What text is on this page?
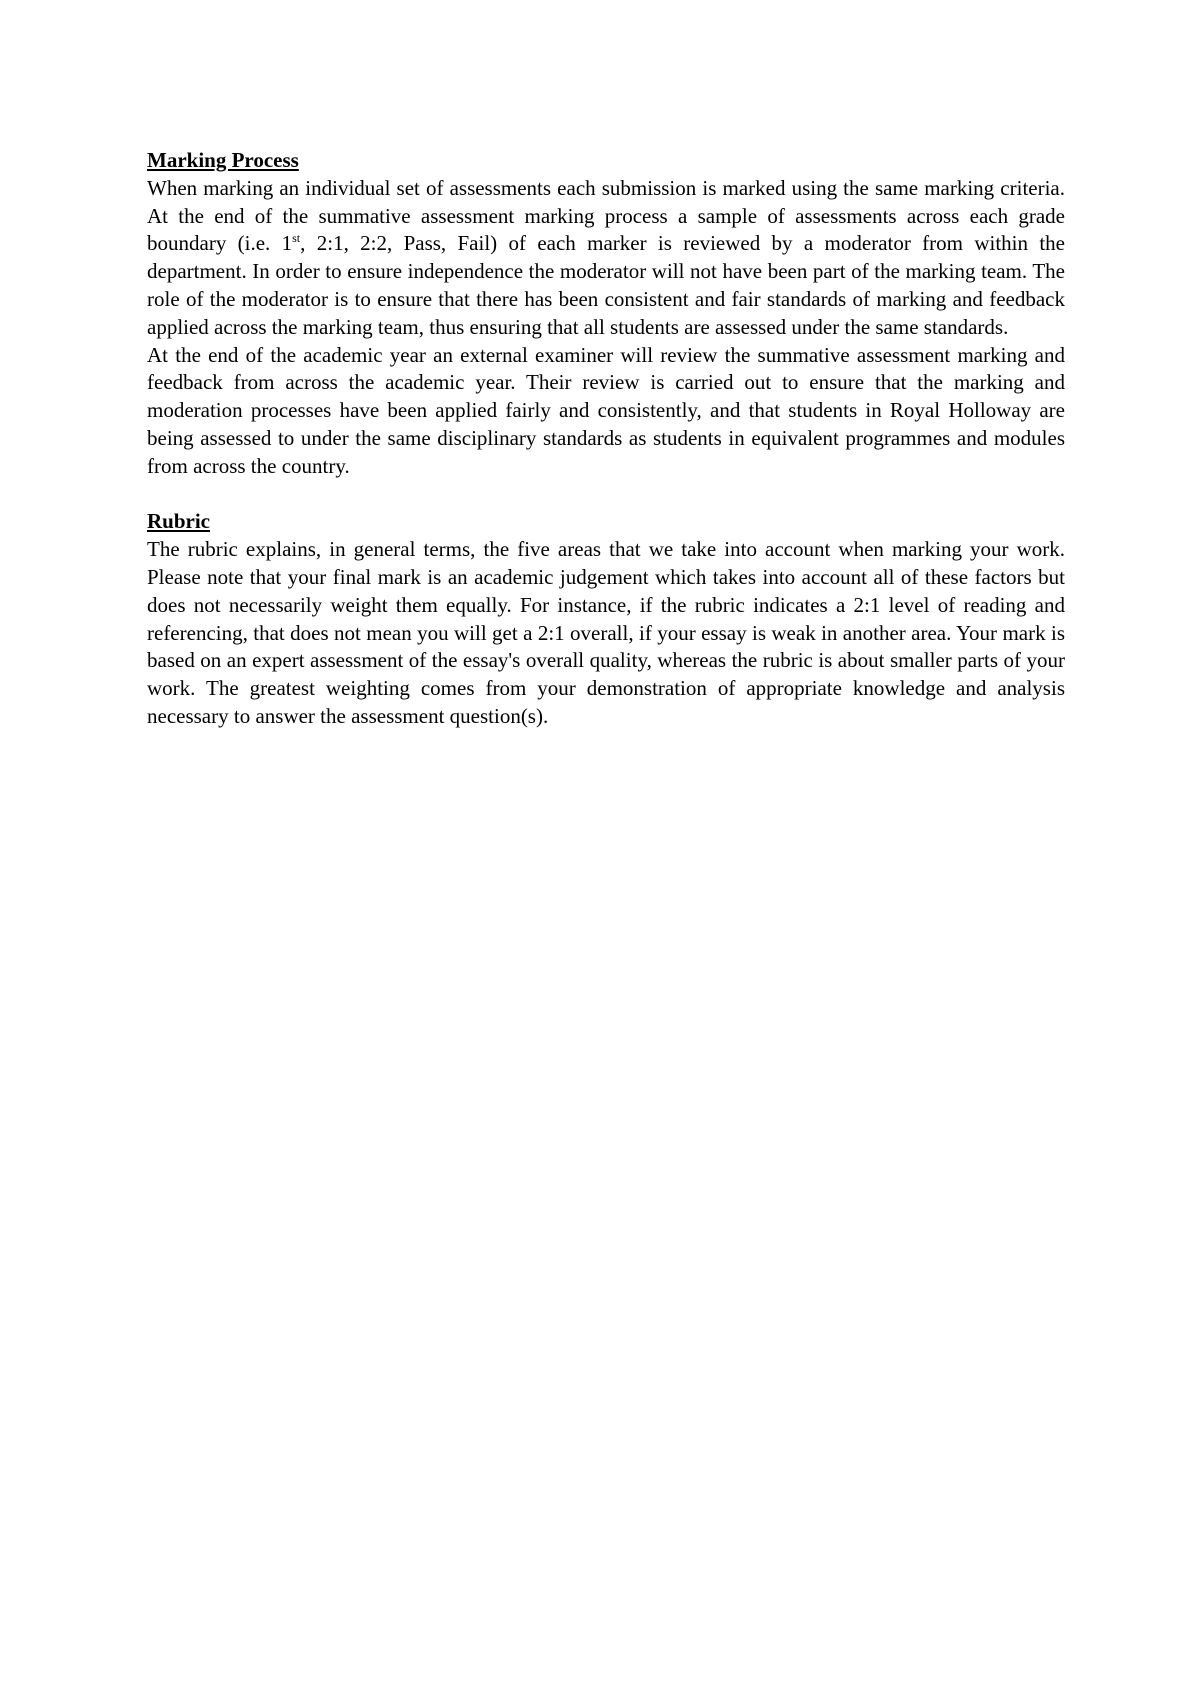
Marking Process

When marking an individual set of assessments each submission is marked using the same marking criteria. At the end of the summative assessment marking process a sample of assessments across each grade boundary (i.e. 1st, 2:1, 2:2, Pass, Fail) of each marker is reviewed by a moderator from within the department. In order to ensure independence the moderator will not have been part of the marking team. The role of the moderator is to ensure that there has been consistent and fair standards of marking and feedback applied across the marking team, thus ensuring that all students are assessed under the same standards.

At the end of the academic year an external examiner will review the summative assessment marking and feedback from across the academic year. Their review is carried out to ensure that the marking and moderation processes have been applied fairly and consistently, and that students in Royal Holloway are being assessed to under the same disciplinary standards as students in equivalent programmes and modules from across the country.

Rubric

The rubric explains, in general terms, the five areas that we take into account when marking your work. Please note that your final mark is an academic judgement which takes into account all of these factors but does not necessarily weight them equally. For instance, if the rubric indicates a 2:1 level of reading and referencing, that does not mean you will get a 2:1 overall, if your essay is weak in another area. Your mark is based on an expert assessment of the essay's overall quality, whereas the rubric is about smaller parts of your work. The greatest weighting comes from your demonstration of appropriate knowledge and analysis necessary to answer the assessment question(s).
